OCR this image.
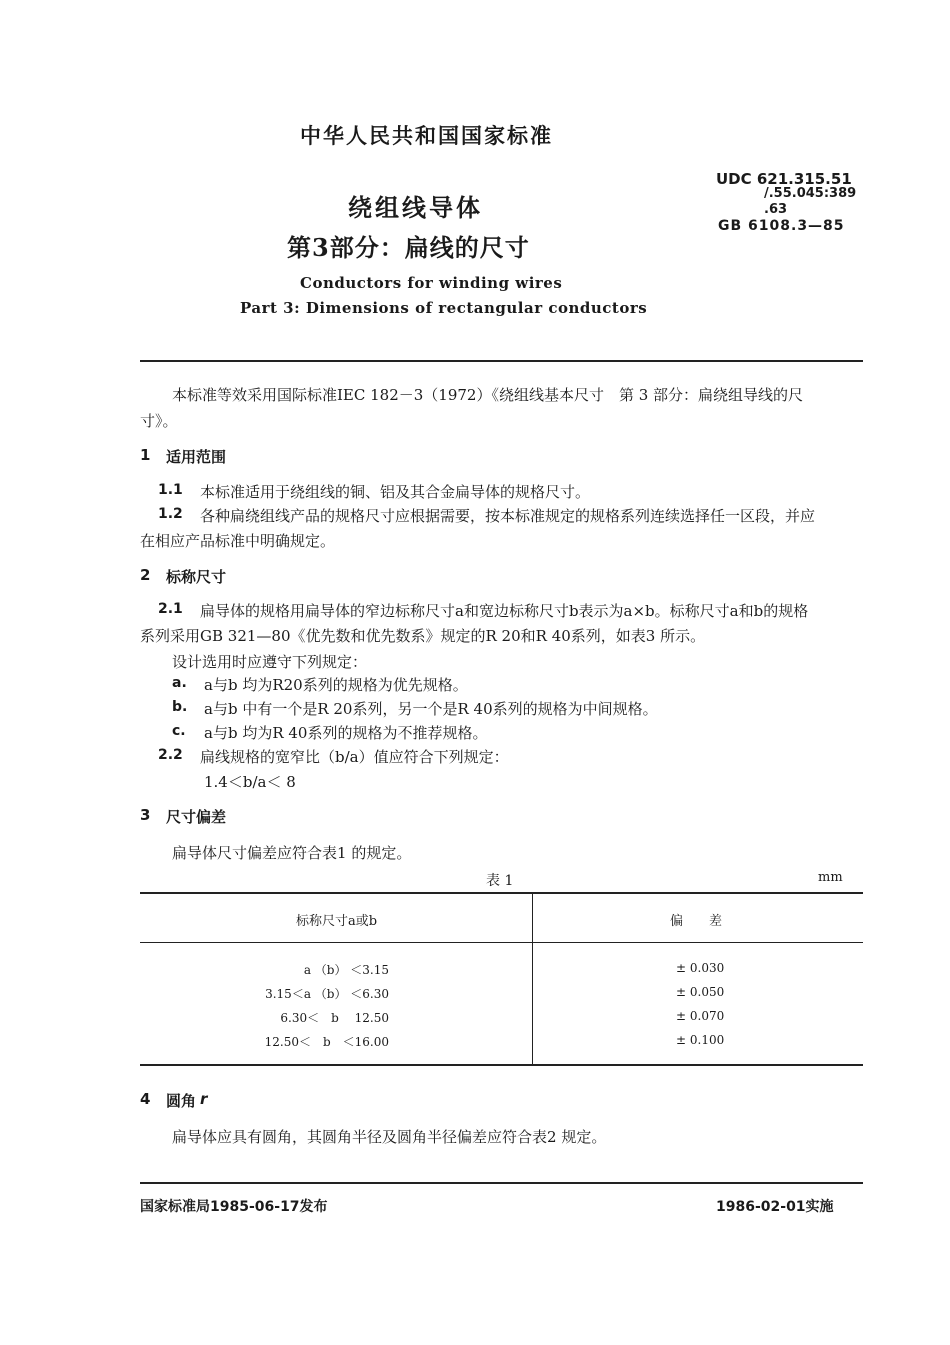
中华人民共和国国家标准
绕组线导体
第3部分：扁线的尺寸
Conductors for winding wires
Part 3: Dimensions of rectangular conductors
UDC 621.315.51
/.55.045:389
.63
GB 6108.3—85
本标准等效采用国际标准IEC 182－3（1972）《绕组线基本尺寸　第 3 部分：扁绕组导线的尺
寸》。
1 适用范围
1.1 本标准适用于绕组线的铜、铝及其合金扁导体的规格尺寸。
1.2 各种扁绕组线产品的规格尺寸应根据需要，按本标准规定的规格系列连续选择任一区段，并应
在相应产品标准中明确规定。
2 标称尺寸
2.1 扁导体的规格用扁导体的窄边标称尺寸a和宽边标称尺寸b表示为a×b。标称尺寸a和b的规格
系列采用GB 321—80《优先数和优先数系》规定的R 20和R 40系列，如表3 所示。
设计选用时应遵守下列规定：
a. a与b 均为R20系列的规格为优先规格。
b. a与b 中有一个是R 20系列，另一个是R 40系列的规格为中间规格。
c. a与b 均为R 40系列的规格为不推荐规格。
2.2 扁线规格的宽窄比（b/a）值应符合下列规定：
1.4＜b/a＜ 8
3 尺寸偏差
扁导体尺寸偏差应符合表1 的规定。
表 1	mm
标称尺寸a或b	偏　　差
a （b） ＜3.15	± 0.030
3.15＜a （b） ＜6.30	± 0.050
6.30＜　b　 12.50	± 0.070
12.50＜　b　＜16.00	± 0.100
4 圆角 r
扁导体应具有圆角，其圆角半径及圆角半径偏差应符合表2 规定。
国家标准局1985-06-17发布	1986-02-01实施
